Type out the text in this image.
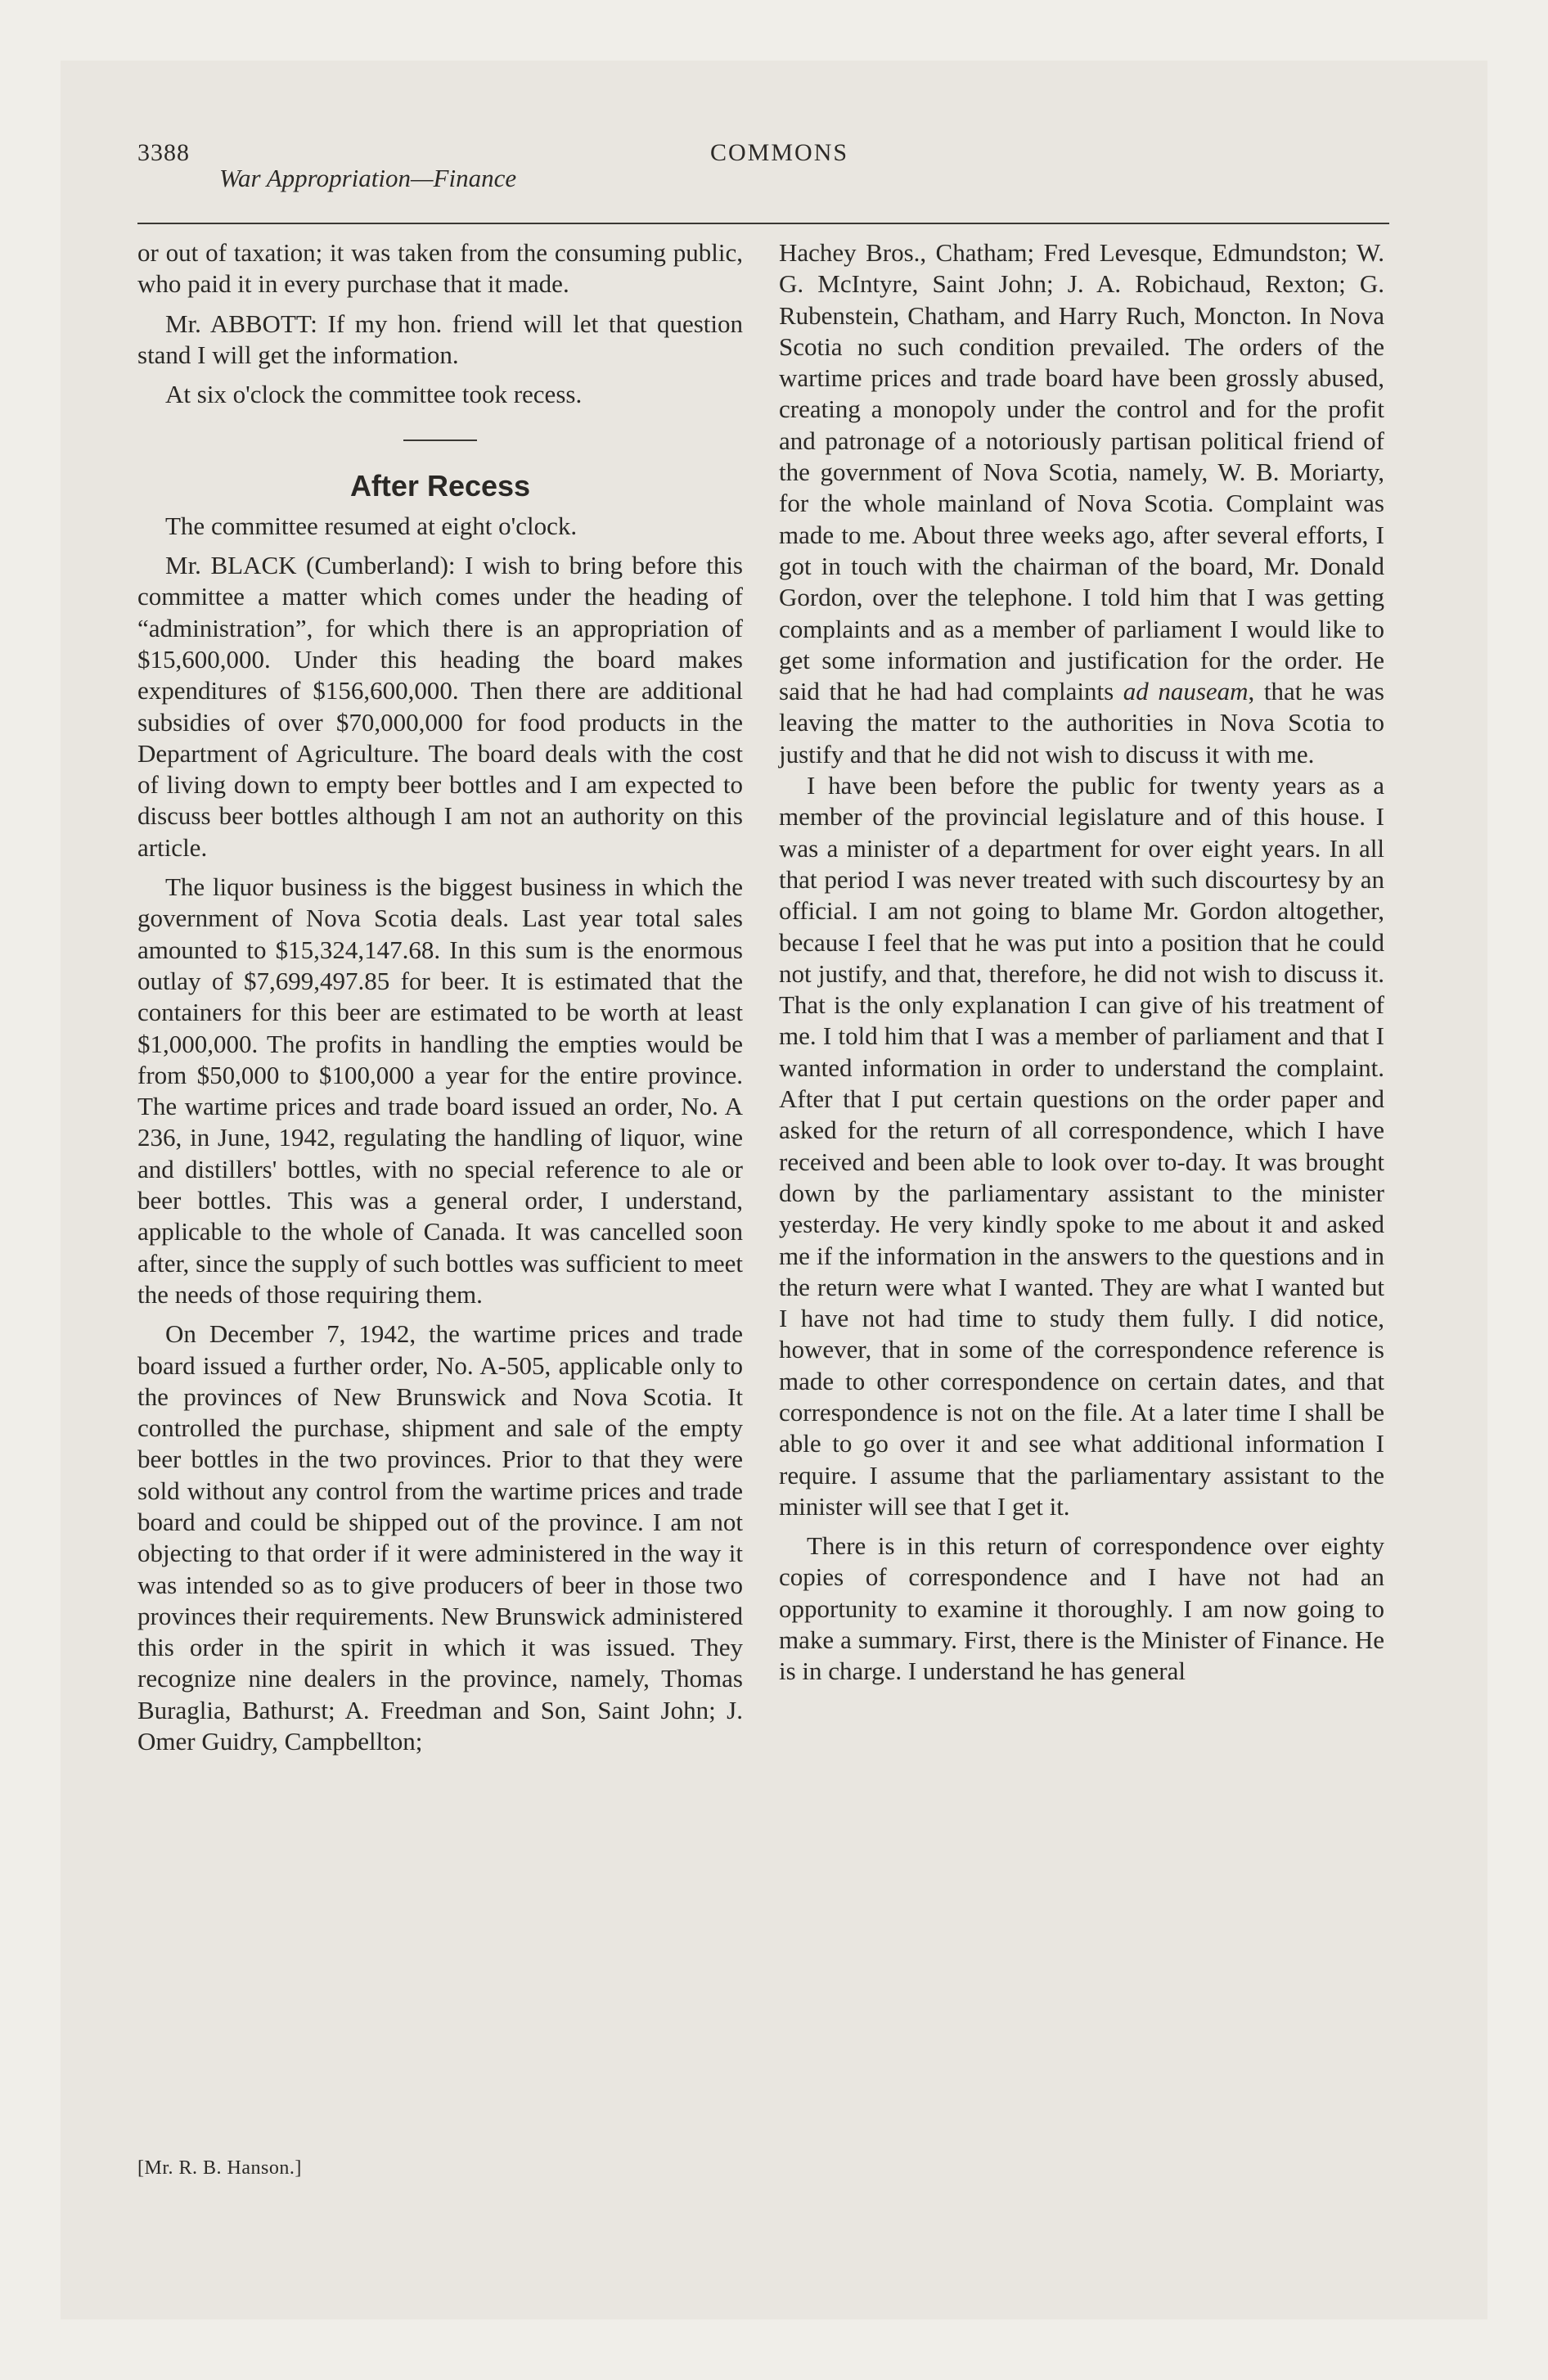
3388
War Appropriation—Finance
COMMONS

or out of taxation; it was taken from the consuming public, who paid it in every purchase that it made.

Mr. ABBOTT: If my hon. friend will let that question stand I will get the information.

At six o'clock the committee took recess.

After Recess

The committee resumed at eight o'clock.

Mr. BLACK (Cumberland): I wish to bring before this committee a matter which comes under the heading of “administration”, for which there is an appropriation of $15,600,000. Under this heading the board makes expenditures of $156,600,000. Then there are additional subsidies of over $70,000,000 for food products in the Department of Agriculture. The board deals with the cost of living down to empty beer bottles and I am expected to discuss beer bottles although I am not an authority on this article.

The liquor business is the biggest business in which the government of Nova Scotia deals. Last year total sales amounted to $15,324,147.68. In this sum is the enormous outlay of $7,699,497.85 for beer. It is estimated that the containers for this beer are estimated to be worth at least $1,000,000. The profits in handling the empties would be from $50,000 to $100,000 a year for the entire province. The wartime prices and trade board issued an order, No. A 236, in June, 1942, regulating the handling of liquor, wine and distillers' bottles, with no special reference to ale or beer bottles. This was a general order, I understand, applicable to the whole of Canada. It was cancelled soon after, since the supply of such bottles was sufficient to meet the needs of those requiring them.

On December 7, 1942, the wartime prices and trade board issued a further order, No. A-505, applicable only to the provinces of New Brunswick and Nova Scotia. It controlled the purchase, shipment and sale of the empty beer bottles in the two provinces. Prior to that they were sold without any control from the wartime prices and trade board and could be shipped out of the province. I am not objecting to that order if it were administered in the way it was intended so as to give producers of beer in those two provinces their requirements. New Brunswick administered this order in the spirit in which it was issued. They recognize nine dealers in the province, namely, Thomas Buraglia, Bathurst; A. Freedman and Son, Saint John; J. Omer Guidry, Campbellton;

Hachey Bros., Chatham; Fred Levesque, Edmundston; W. G. McIntyre, Saint John; J. A. Robichaud, Rexton; G. Rubenstein, Chatham, and Harry Ruch, Moncton. In Nova Scotia no such condition prevailed. The orders of the wartime prices and trade board have been grossly abused, creating a monopoly under the control and for the profit and patronage of a notoriously partisan political friend of the government of Nova Scotia, namely, W. B. Moriarty, for the whole mainland of Nova Scotia. Complaint was made to me. About three weeks ago, after several efforts, I got in touch with the chairman of the board, Mr. Donald Gordon, over the telephone. I told him that I was getting complaints and as a member of parliament I would like to get some information and justification for the order. He said that he had had complaints ad nauseam, that he was leaving the matter to the authorities in Nova Scotia to justify and that he did not wish to discuss it with me.

I have been before the public for twenty years as a member of the provincial legislature and of this house. I was a minister of a department for over eight years. In all that period I was never treated with such discourtesy by an official. I am not going to blame Mr. Gordon altogether, because I feel that he was put into a position that he could not justify, and that, therefore, he did not wish to discuss it. That is the only explanation I can give of his treatment of me. I told him that I was a member of parliament and that I wanted information in order to understand the complaint. After that I put certain questions on the order paper and asked for the return of all correspondence, which I have received and been able to look over to-day. It was brought down by the parliamentary assistant to the minister yesterday. He very kindly spoke to me about it and asked me if the information in the answers to the questions and in the return were what I wanted. They are what I wanted but I have not had time to study them fully. I did notice, however, that in some of the correspondence reference is made to other correspondence on certain dates, and that correspondence is not on the file. At a later time I shall be able to go over it and see what additional information I require. I assume that the parliamentary assistant to the minister will see that I get it.

There is in this return of correspondence over eighty copies of correspondence and I have not had an opportunity to examine it thoroughly. I am now going to make a summary. First, there is the Minister of Finance. He is in charge. I understand he has general

[Mr. R. B. Hanson.]
